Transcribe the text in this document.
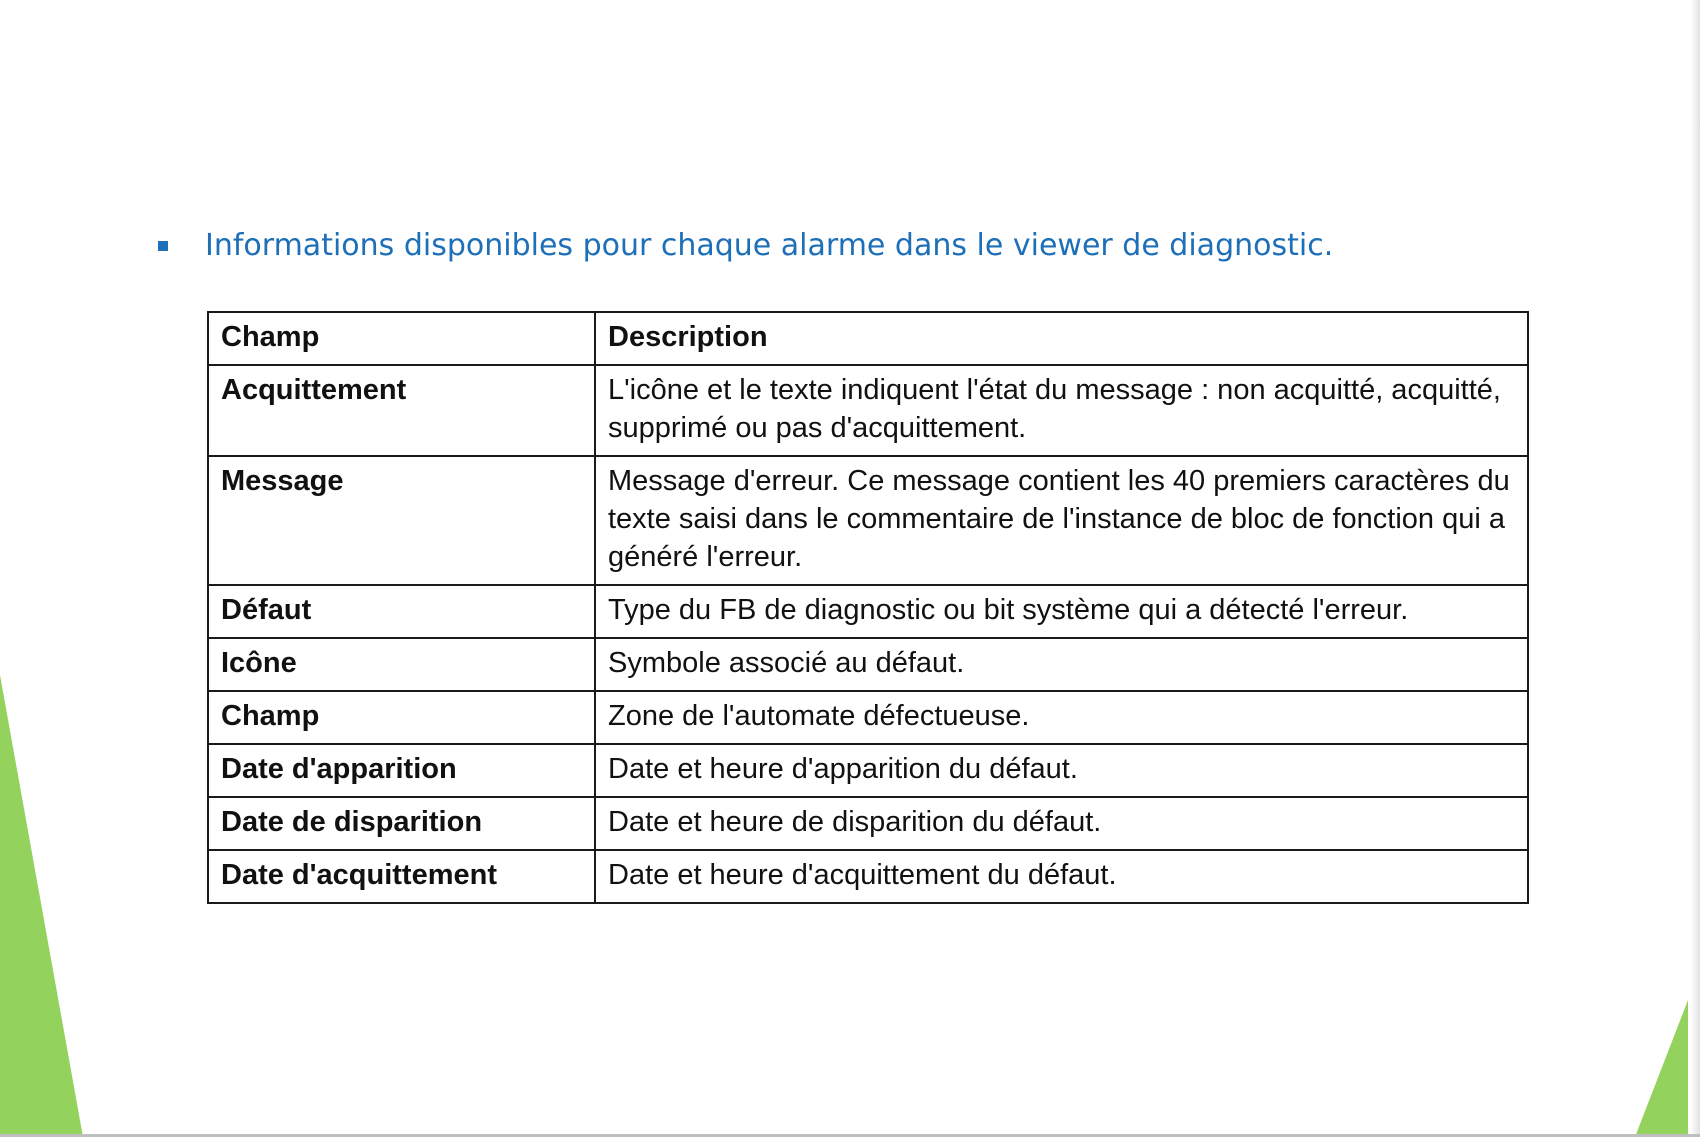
Informations disponibles pour chaque alarme dans le viewer de diagnostic.
Champ	Description
Acquittement	L'icône et le texte indiquent l'état du message : non acquitté, acquitté, supprimé ou pas d'acquittement.
Message	Message d'erreur. Ce message contient les 40 premiers caractères du texte saisi dans le commentaire de l'instance de bloc de fonction qui a généré l'erreur.
Défaut	Type du FB de diagnostic ou bit système qui a détecté l'erreur.
Icône	Symbole associé au défaut.
Champ	Zone de l'automate défectueuse.
Date d'apparition	Date et heure d'apparition du défaut.
Date de disparition	Date et heure de disparition du défaut.
Date d'acquittement	Date et heure d'acquittement du défaut.
